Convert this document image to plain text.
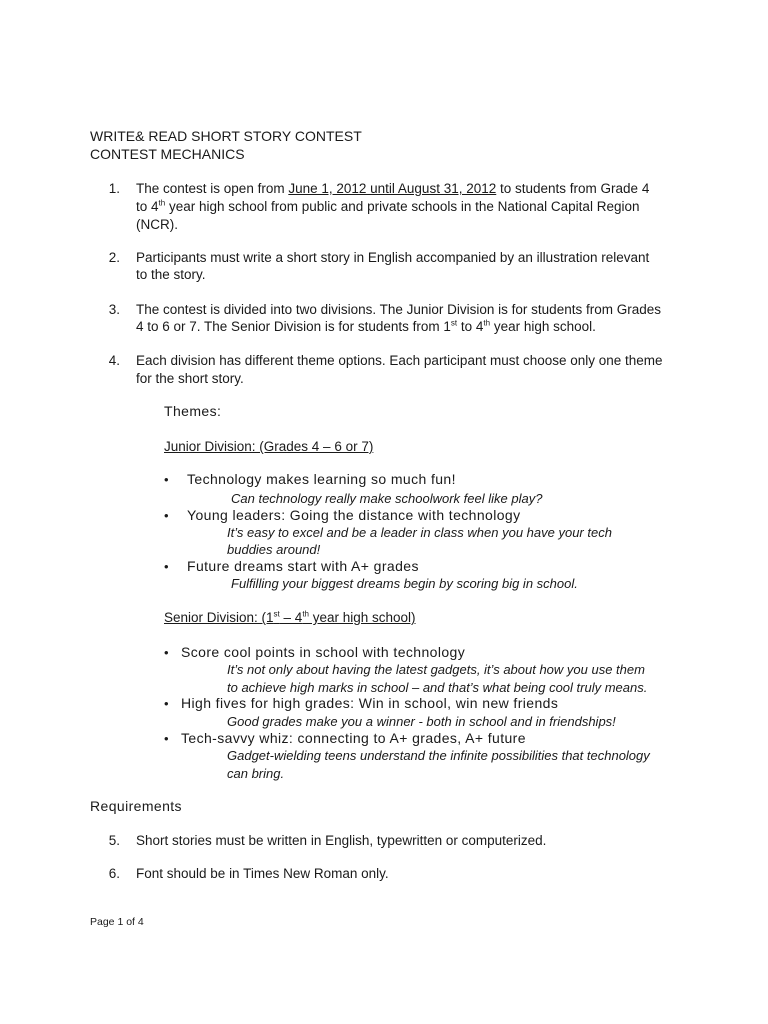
WRITE& READ SHORT STORY CONTEST
CONTEST MECHANICS
1. The contest is open from June 1, 2012 until August 31, 2012 to students from Grade 4
to 4th year high school from public and private schools in the National Capital Region
(NCR).
2. Participants must write a short story in English accompanied by an illustration relevant
to the story.
3. The contest is divided into two divisions. The Junior Division is for students from Grades
4 to 6 or 7. The Senior Division is for students from 1st to 4th year high school.
4. Each division has different theme options. Each participant must choose only one theme
for the short story.
Themes:
Junior Division: (Grades 4 – 6 or 7)
• Technology makes learning so much fun!
Can technology really make schoolwork feel like play?
• Young leaders: Going the distance with technology
It’s easy to excel and be a leader in class when you have your tech
buddies around!
• Future dreams start with A+ grades
Fulfilling your biggest dreams begin by scoring big in school.
Senior Division: (1st – 4th year high school)
• Score cool points in school with technology
It’s not only about having the latest gadgets, it’s about how you use them
to achieve high marks in school – and that’s what being cool truly means.
• High fives for high grades: Win in school, win new friends
Good grades make you a winner - both in school and in friendships!
• Tech-savvy whiz: connecting to A+ grades, A+ future
Gadget-wielding teens understand the infinite possibilities that technology
can bring.
Requirements
5. Short stories must be written in English, typewritten or computerized.
6. Font should be in Times New Roman only.
Page 1 of 4
